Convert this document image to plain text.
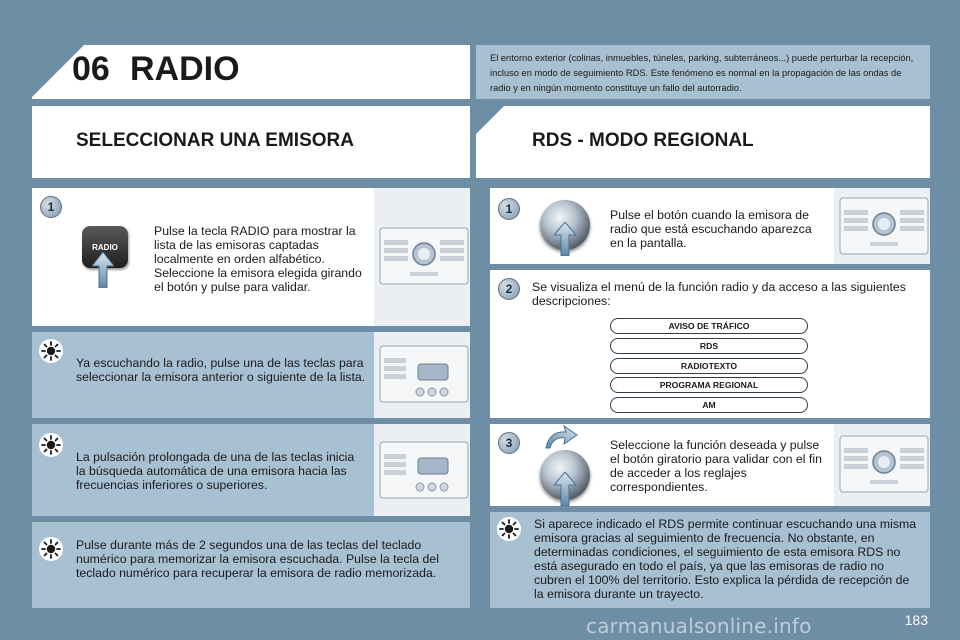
06 RADIO	El entorno exterior (colinas, inmuebles, túneles, parking, subterráneos...) puede perturbar la recepción, incluso en modo de seguimiento RDS. Este fenómeno es normal en la propagación de las ondas de radio y en ningún momento constituye un fallo del autorradio.
SELECCIONAR UNA EMISORA	RDS - MODO REGIONAL
1
RADIO
Pulse la tecla RADIO para mostrar la lista de las emisoras captadas localmente en orden alfabético. Seleccione la emisora elegida girando el botón y pulse para validar.
Ya escuchando la radio, pulse una de las teclas para seleccionar la emisora anterior o siguiente de la lista.
La pulsación prolongada de una de las teclas inicia la búsqueda automática de una emisora hacia las frecuencias inferiores o superiores.
Pulse durante más de 2 segundos una de las teclas del teclado numérico para memorizar la emisora escuchada. Pulse la tecla del teclado numérico para recuperar la emisora de radio memorizada.
1	Pulse el botón cuando la emisora de radio que está escuchando aparezca en la pantalla.
2	Se visualiza el menú de la función radio y da acceso a las siguientes descripciones:
AVISO DE TRÁFICO
RDS
RADIOTEXTO
PROGRAMA REGIONAL
AM
3	Seleccione la función deseada y pulse el botón giratorio para validar con el fin de acceder a los reglajes correspondientes.
Si aparece indicado el RDS permite continuar escuchando una misma emisora gracias al seguimiento de frecuencia. No obstante, en determinadas condiciones, el seguimiento de esta emisora RDS no está asegurado en todo el país, ya que las emisoras de radio no cubren el 100% del territorio. Esto explica la pérdida de recepción de la emisora durante un trayecto.
carmanualsonline.info	183
